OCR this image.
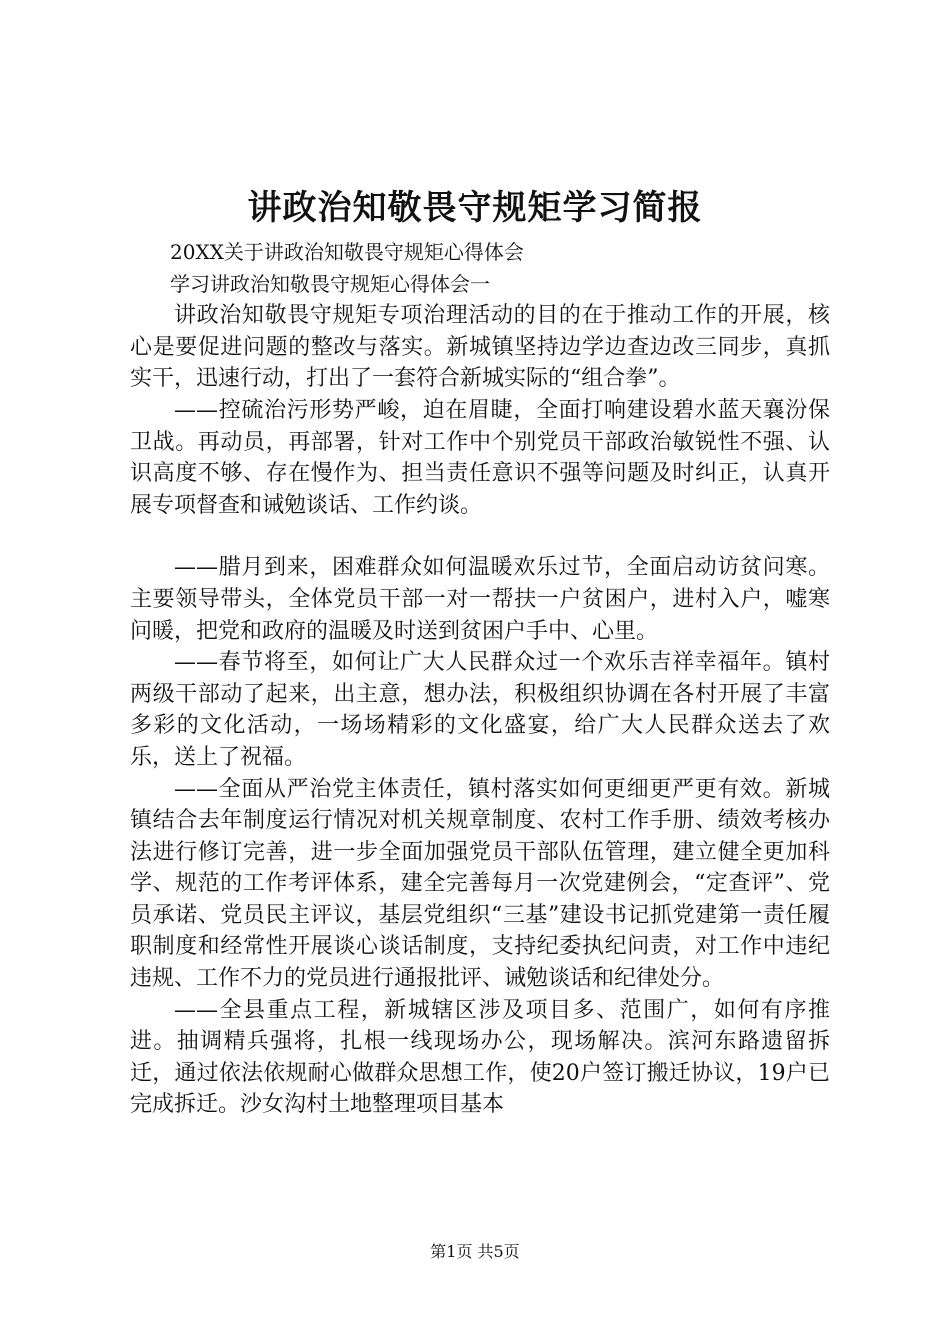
讲政治知敬畏守规矩学习简报

20XX关于讲政治知敬畏守规矩心得体会

学习讲政治知敬畏守规矩心得体会一

讲政治知敬畏守规矩专项治理活动的目的在于推动工作的开展，核心是要促进问题的整改与落实。新城镇坚持边学边查边改三同步，真抓实干，迅速行动，打出了一套符合新城实际的“组合拳”。

——控硫治污形势严峻，迫在眉睫，全面打响建设碧水蓝天襄汾保卫战。再动员，再部署，针对工作中个别党员干部政治敏锐性不强、认识高度不够、存在慢作为、担当责任意识不强等问题及时纠正，认真开展专项督查和诫勉谈话、工作约谈。

——腊月到来，困难群众如何温暖欢乐过节，全面启动访贫问寒。主要领导带头，全体党员干部一对一帮扶一户贫困户，进村入户，嘘寒问暖，把党和政府的温暖及时送到贫困户手中、心里。

——春节将至，如何让广大人民群众过一个欢乐吉祥幸福年。镇村两级干部动了起来，出主意，想办法，积极组织协调在各村开展了丰富多彩的文化活动，一场场精彩的文化盛宴，给广大人民群众送去了欢乐，送上了祝福。

——全面从严治党主体责任，镇村落实如何更细更严更有效。新城镇结合去年制度运行情况对机关规章制度、农村工作手册、绩效考核办法进行修订完善，进一步全面加强党员干部队伍管理，建立健全更加科学、规范的工作考评体系，建全完善每月一次党建例会，“定查评”、党员承诺、党员民主评议，基层党组织“三基”建设书记抓党建第一责任履职制度和经常性开展谈心谈话制度，支持纪委执纪问责，对工作中违纪违规、工作不力的党员进行通报批评、诫勉谈话和纪律处分。

——全县重点工程，新城辖区涉及项目多、范围广，如何有序推进。抽调精兵强将，扎根一线现场办公，现场解决。滨河东路遗留拆迁，通过依法依规耐心做群众思想工作，使20户签订搬迁协议，19户已完成拆迁。沙女沟村土地整理项目基本

第1页 共5页
